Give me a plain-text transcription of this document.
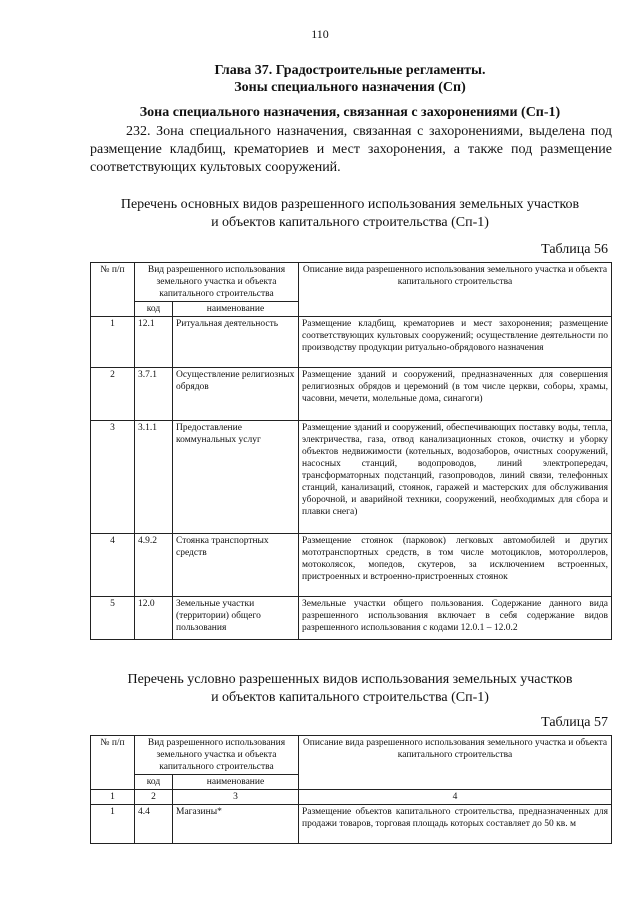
110
Глава 37. Градостроительные регламенты.
Зоны специального назначения (Сп)
Зона специального назначения, связанная с захоронениями (Сп-1)
232. Зона специального назначения, связанная с захоронениями, выделена под размещение кладбищ, крематориев и мест захоронения, а также под размещение соответствующих культовых сооружений.
Перечень основных видов разрешенного использования земельных участков
и объектов капитального строительства (Сп-1)
Таблица 56
№ п/п	Вид разрешенного использования земельного участка и объекта капитального строительства		Описание вида разрешенного использования земельного участка и объекта капитального строительства
	код	наименование	
1	12.1	Ритуальная деятельность	Размещение кладбищ, крематориев и мест захоронения; размещение соответствующих культовых сооружений; осуществление деятельности по производству продукции ритуально-обрядового назначения
2	3.7.1	Осуществление религиозных обрядов	Размещение зданий и сооружений, предназначенных для совершения религиозных обрядов и церемоний (в том числе церкви, соборы, храмы, часовни, мечети, молельные дома, синагоги)
3	3.1.1	Предоставление коммунальных услуг	Размещение зданий и сооружений, обеспечивающих поставку воды, тепла, электричества, газа, отвод канализационных стоков, очистку и уборку объектов недвижимости (котельных, водозаборов, очистных сооружений, насосных станций, водопроводов, линий электропередач, трансформаторных подстанций, газопроводов, линий связи, телефонных станций, канализаций, стоянок, гаражей и мастерских для обслуживания уборочной, и аварийной техники, сооружений, необходимых для сбора и плавки снега)
4	4.9.2	Стоянка транспортных средств	Размещение стоянок (парковок) легковых автомобилей и других мототранспортных средств, в том числе мотоциклов, мотороллеров, мотоколясок, мопедов, скутеров, за исключением встроенных, пристроенных и встроенно-пристроенных стоянок
5	12.0	Земельные участки (территории) общего пользования	Земельные участки общего пользования. Содержание данного вида разрешенного использования включает в себя содержание видов разрешенного использования с кодами 12.0.1 – 12.0.2
Перечень условно разрешенных видов использования земельных участков
и объектов капитального строительства (Сп-1)
Таблица 57
№ п/п	Вид разрешенного использования земельного участка и объекта капитального строительства		Описание вида разрешенного использования земельного участка и объекта капитального строительства
	код	наименование	
1	2	3	4
1	4.4	Магазины*	Размещение объектов капитального строительства, предназначенных для продажи товаров, торговая площадь которых составляет до 50 кв. м
